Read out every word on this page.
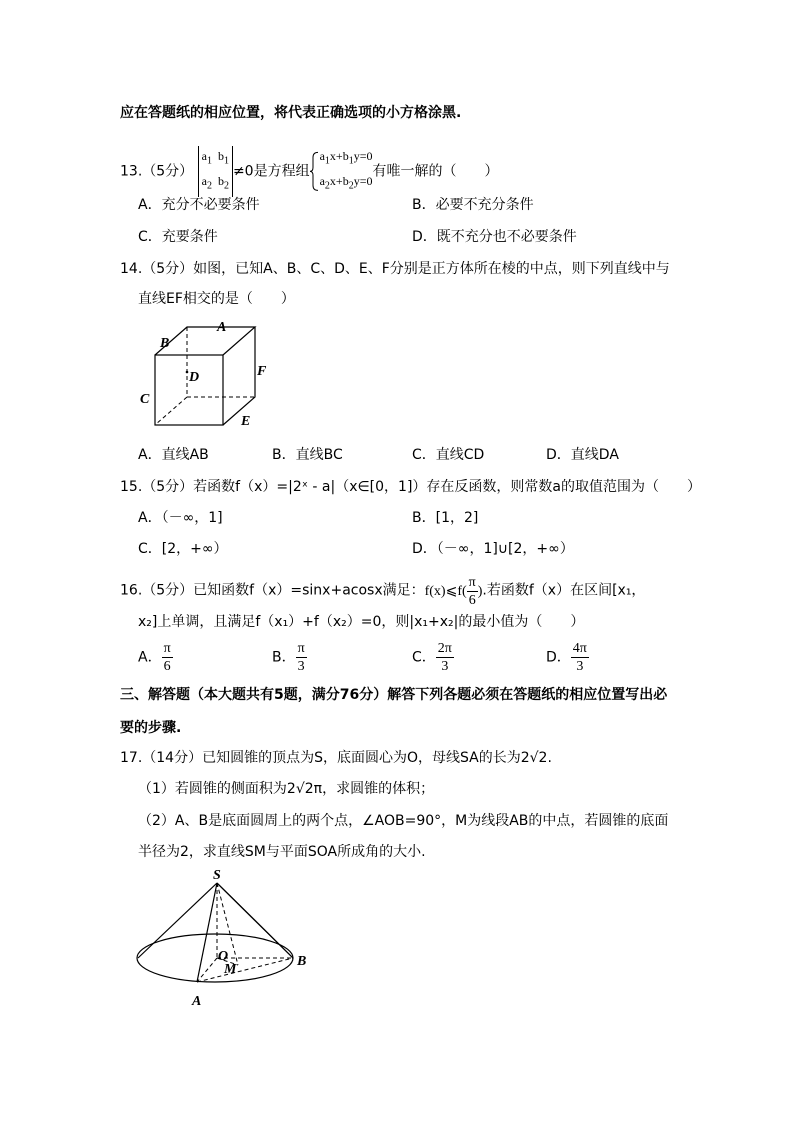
应在答题纸的相应位置，将代表正确选项的小方格涂黑.
13.（5分） $a_1$ $b_1$
$a_2$ $b_2\ne 0$是方程组
$a_1x+b_1y=0$
$a_2x+b_2y=0$有唯一解的（　　）
A．充分不必要条件	B．必要不充分条件
C．充要条件	D．既不充分也不必要条件
14.（5分）如图，已知A、B、C、D、E、F分别是正方体所在棱的中点，则下列直线中与
直线EF相交的是（　　）
A
B
C
D
E
F
A．直线AB	B．直线BC	C．直线CD	D．直线DA
15.（5分）若函数f（x）=|2ˣ - a|（x∈[0，1]）存在反函数，则常数a的取值范围为（　　）
A．（－∞，1]	B．[1，2]
C．[2，+∞）	D．（－∞，1]∪[2，+∞）
16.（5分）已知函数f（x）=sinx+acosx满足：f(x)⩽f( $\frac{\pi}{6}$ ).若函数f（x）在区间[x₁，
x₂]上单调，且满足f（x₁）+f（x₂）=0，则|x₁+x₂|的最小值为（　　）
A． $\frac{\pi}{6}$	B． $\frac{\pi}{3}$	C． $\frac{2\pi}{3}$	D． $\frac{4\pi}{3}$
三、解答题（本大题共有5题，满分76分）解答下列各题必须在答题纸的相应位置写出必
要的步骤.
17.（14分）已知圆锥的顶点为S，底面圆心为O，母线SA的长为2√2.
（1）若圆锥的侧面积为2√2π，求圆锥的体积；
（2）A、B是底面圆周上的两个点，∠AOB=90°，M为线段AB的中点，若圆锥的底面
半径为2，求直线SM与平面SOA所成角的大小.
S
O
M
A
B
